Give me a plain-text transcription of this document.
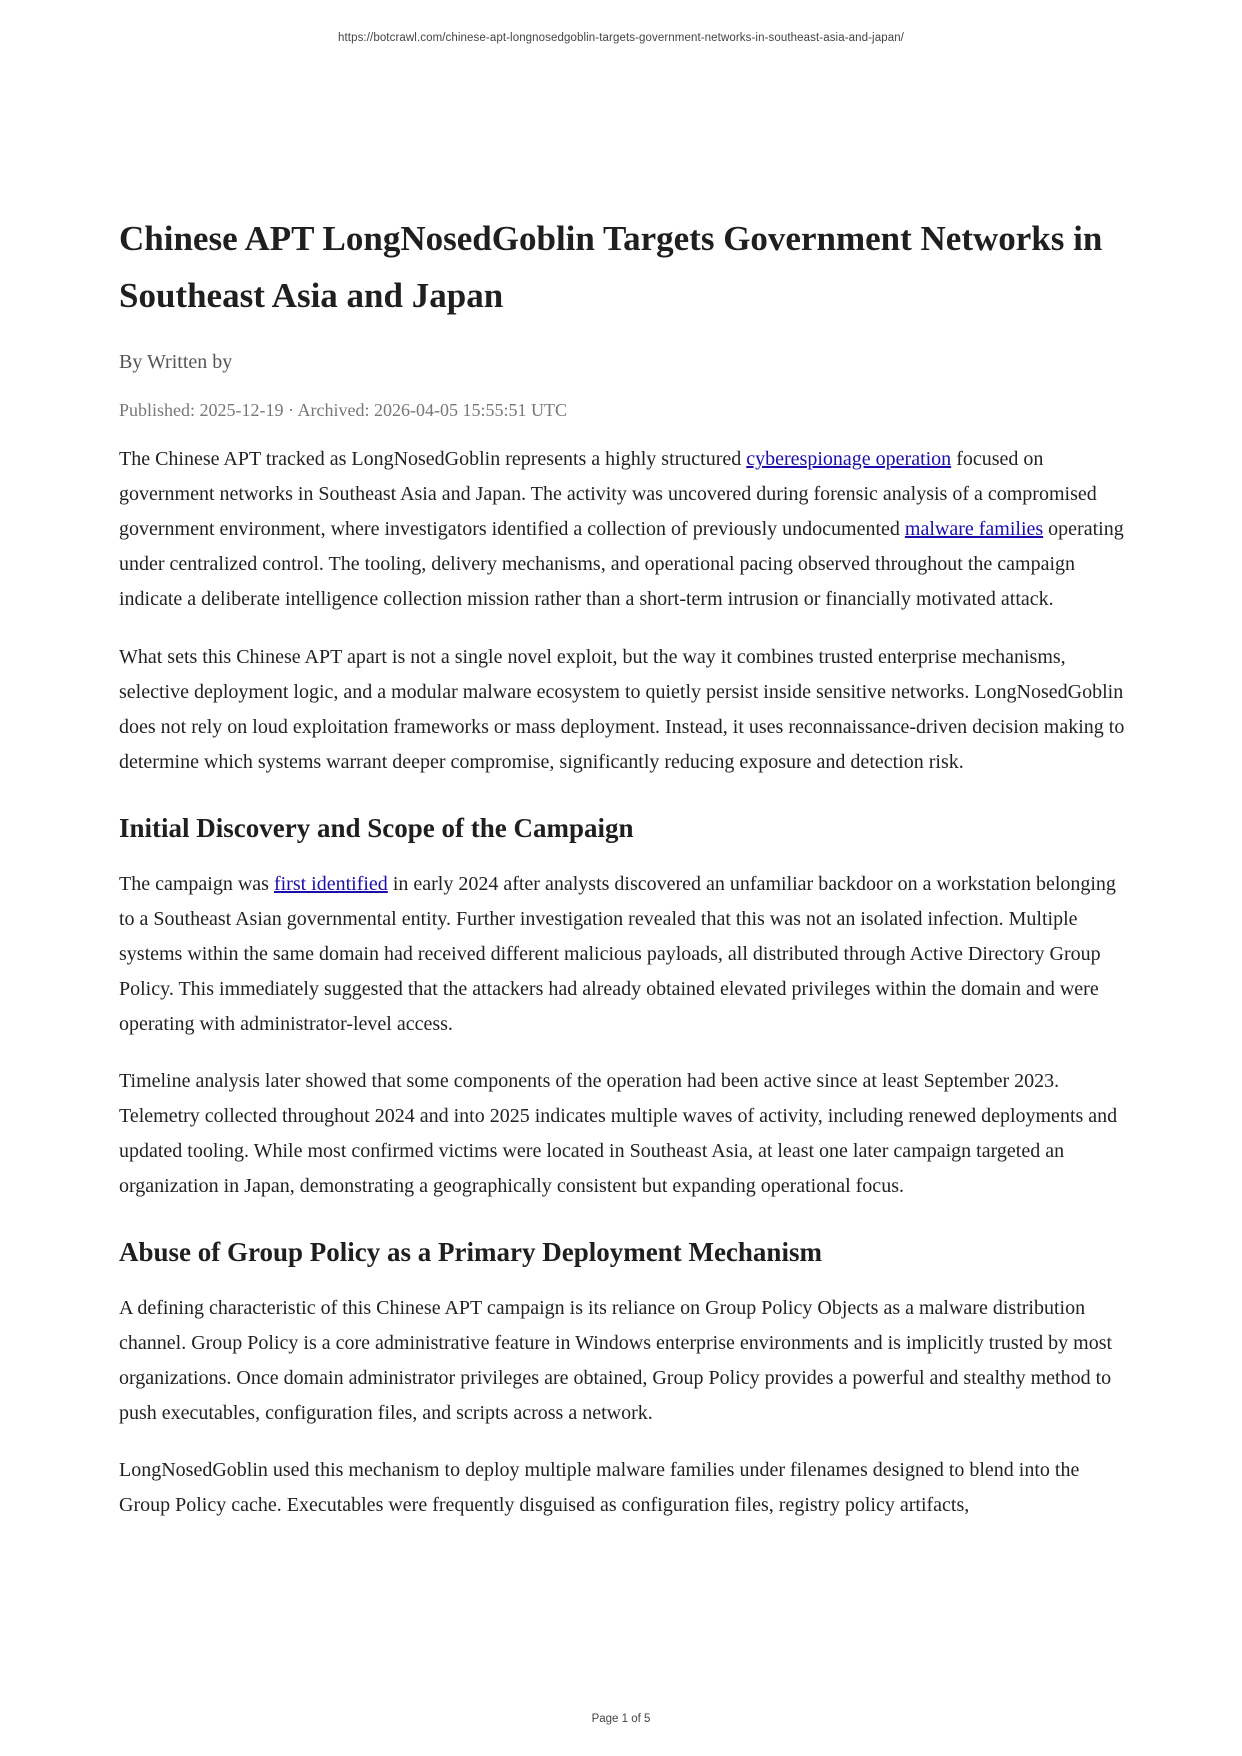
https://botcrawl.com/chinese-apt-longnosedgoblin-targets-government-networks-in-southeast-asia-and-japan/
Chinese APT LongNosedGoblin Targets Government Networks in Southeast Asia and Japan
By Written by
Published: 2025-12-19 · Archived: 2026-04-05 15:55:51 UTC

The Chinese APT tracked as LongNosedGoblin represents a highly structured cyberespionage operation focused on government networks in Southeast Asia and Japan. The activity was uncovered during forensic analysis of a compromised government environment, where investigators identified a collection of previously undocumented malware families operating under centralized control. The tooling, delivery mechanisms, and operational pacing observed throughout the campaign indicate a deliberate intelligence collection mission rather than a short-term intrusion or financially motivated attack.

What sets this Chinese APT apart is not a single novel exploit, but the way it combines trusted enterprise mechanisms, selective deployment logic, and a modular malware ecosystem to quietly persist inside sensitive networks. LongNosedGoblin does not rely on loud exploitation frameworks or mass deployment. Instead, it uses reconnaissance-driven decision making to determine which systems warrant deeper compromise, significantly reducing exposure and detection risk.

Initial Discovery and Scope of the Campaign

The campaign was first identified in early 2024 after analysts discovered an unfamiliar backdoor on a workstation belonging to a Southeast Asian governmental entity. Further investigation revealed that this was not an isolated infection. Multiple systems within the same domain had received different malicious payloads, all distributed through Active Directory Group Policy. This immediately suggested that the attackers had already obtained elevated privileges within the domain and were operating with administrator-level access.

Timeline analysis later showed that some components of the operation had been active since at least September 2023. Telemetry collected throughout 2024 and into 2025 indicates multiple waves of activity, including renewed deployments and updated tooling. While most confirmed victims were located in Southeast Asia, at least one later campaign targeted an organization in Japan, demonstrating a geographically consistent but expanding operational focus.

Abuse of Group Policy as a Primary Deployment Mechanism

A defining characteristic of this Chinese APT campaign is its reliance on Group Policy Objects as a malware distribution channel. Group Policy is a core administrative feature in Windows enterprise environments and is implicitly trusted by most organizations. Once domain administrator privileges are obtained, Group Policy provides a powerful and stealthy method to push executables, configuration files, and scripts across a network.

LongNosedGoblin used this mechanism to deploy multiple malware families under filenames designed to blend into the Group Policy cache. Executables were frequently disguised as configuration files, registry policy artifacts,

Page 1 of 5
